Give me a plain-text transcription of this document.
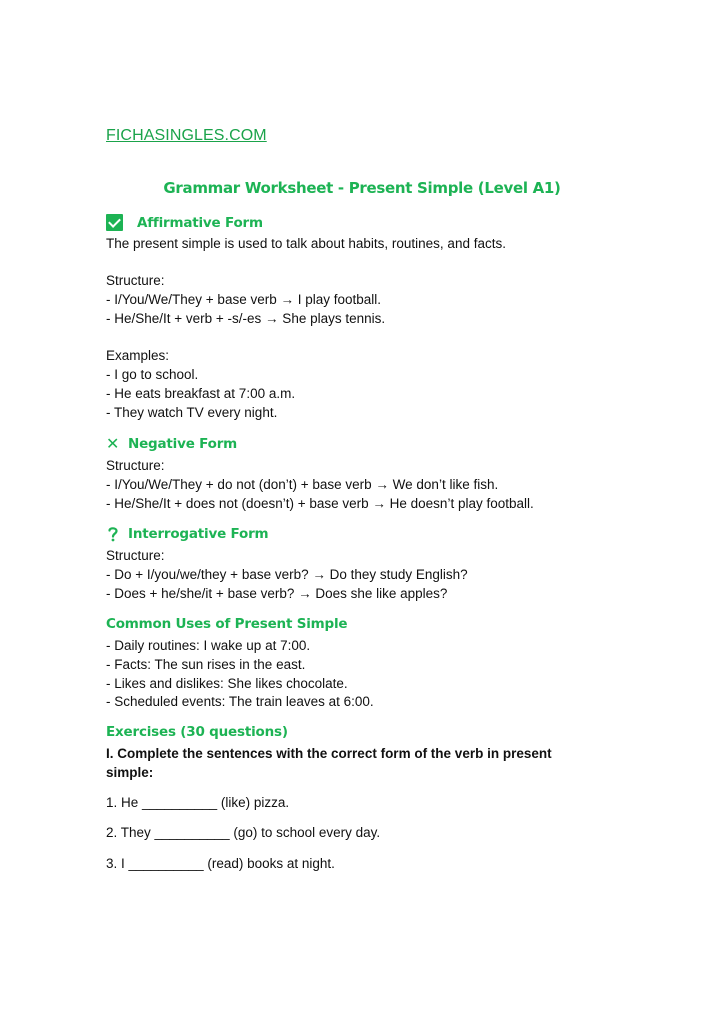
FICHASINGLES.COM
Grammar Worksheet - Present Simple (Level A1)
Affirmative Form
The present simple is used to talk about habits, routines, and facts.
Structure:
- I/You/We/They + base verb → I play football.
- He/She/It + verb + -s/-es → She plays tennis.
Examples:
- I go to school.
- He eats breakfast at 7:00 a.m.
- They watch TV every night.
✕ Negative Form
Structure:
- I/You/We/They + do not (don’t) + base verb → We don’t like fish.
- He/She/It + does not (doesn’t) + base verb → He doesn’t play football.
Interrogative Form
Structure:
- Do + I/you/we/they + base verb? → Do they study English?
- Does + he/she/it + base verb? → Does she like apples?
Common Uses of Present Simple
- Daily routines: I wake up at 7:00.
- Facts: The sun rises in the east.
- Likes and dislikes: She likes chocolate.
- Scheduled events: The train leaves at 6:00.
Exercises (30 questions)
I. Complete the sentences with the correct form of the verb in present
simple:
1. He __________ (like) pizza.
2. They __________ (go) to school every day.
3. I __________ (read) books at night.
